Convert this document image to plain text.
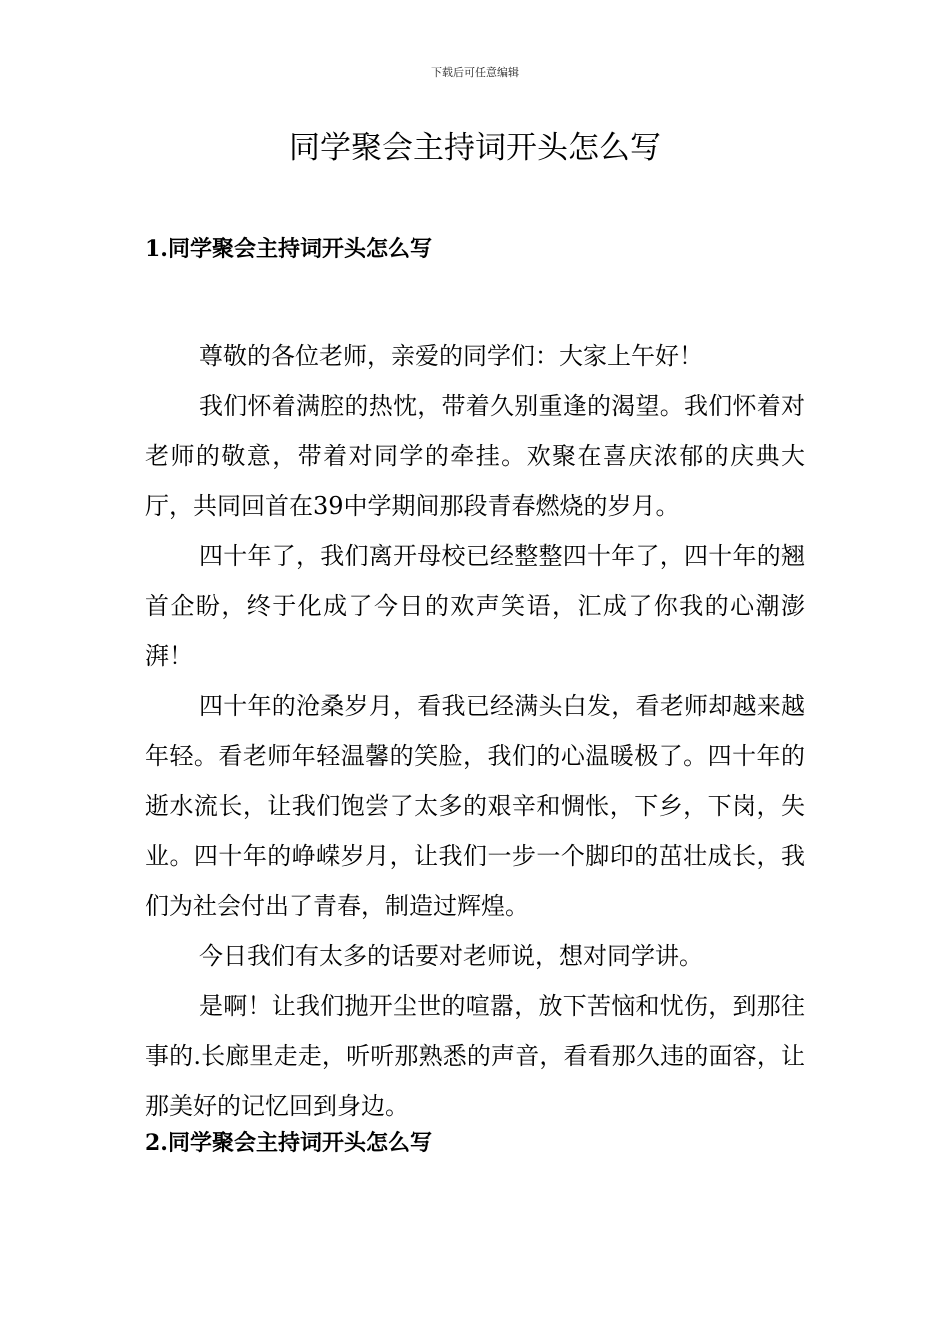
下载后可任意编辑
同学聚会主持词开头怎么写
1.同学聚会主持词开头怎么写

尊敬的各位老师，亲爱的同学们：大家上午好！

我们怀着满腔的热忱，带着久别重逢的渴望。我们怀着对老师的敬意，带着对同学的牵挂。欢聚在喜庆浓郁的庆典大厅，共同回首在39中学期间那段青春燃烧的岁月。

四十年了，我们离开母校已经整整四十年了，四十年的翘首企盼，终于化成了今日的欢声笑语，汇成了你我的心潮澎湃！

四十年的沧桑岁月，看我已经满头白发，看老师却越来越年轻。看老师年轻温馨的笑脸，我们的心温暖极了。四十年的逝水流长，让我们饱尝了太多的艰辛和惆怅，下乡，下岗，失业。四十年的峥嵘岁月，让我们一步一个脚印的茁壮成长，我们为社会付出了青春，制造过辉煌。

今日我们有太多的话要对老师说，想对同学讲。

是啊！让我们抛开尘世的喧嚣，放下苦恼和忧伤，到那往事的.长廊里走走，听听那熟悉的声音，看看那久违的面容，让那美好的记忆回到身边。

2.同学聚会主持词开头怎么写
